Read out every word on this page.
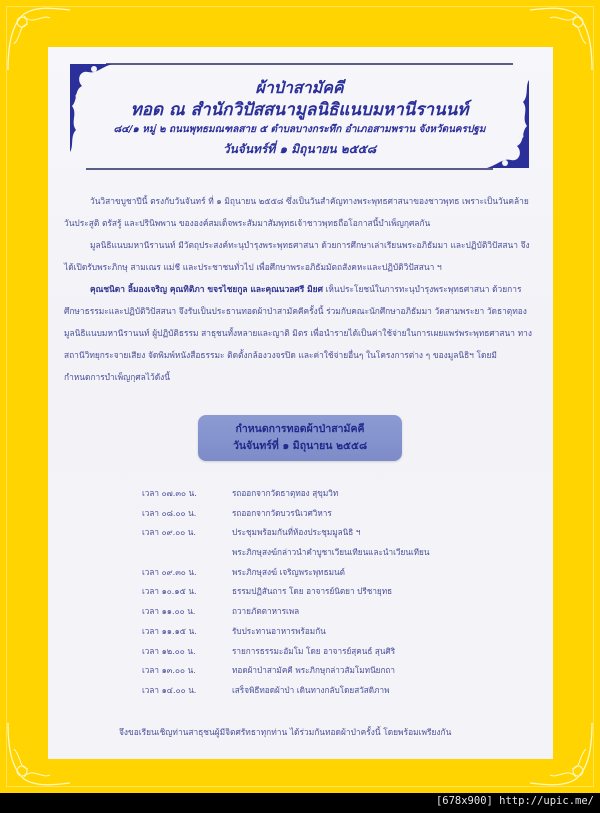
ผ้าป่าสามัคคี
ทอด ณ สำนักวิปัสสนามูลนิธิแนบมหานีรานนท์
๘๔/๑ หมู่ ๒ ถนนพุทธมณฑลสาย ๕ ตำบลบางกระทึก อำเภอสามพราน จังหวัดนครปฐม
วันจันทร์ที่ ๑ มิถุนายน ๒๕๕๘

วันวิสาขบูชาปีนี้ ตรงกับวันจันทร์ ที่ ๑ มิถุนายน ๒๕๕๘ ซึ่งเป็นวันสำคัญทางพระพุทธศาสนาของชาวพุทธ เพราะเป็นวันคล้ายวันประสูติ ตรัสรู้ และปรินิพพาน ขององค์สมเด็จพระสัมมาสัมพุทธเจ้าชาวพุทธถือโอกาสนี้บำเพ็ญกุศลกัน

มูลนิธิแนบมหานีรานนท์ มีวัตถุประสงค์ทะนุบำรุงพระพุทธศาสนา ด้วยการศึกษาเล่าเรียนพระอภิธัมมา และปฏิบัติวิปัสสนา จึงได้เปิดรับพระภิกษุ สามเณร แม่ชี และประชาชนทั่วไป เพื่อศึกษาพระอภิธัมมัตถสังคหะและปฏิบัติวิปัสสนา ฯ

คุณชนิดา ลิ้มองเจริญ คุณทิติภา ขจรไชยกูล และคุณนวลศรี มิยศ เห็นประโยชน์ในการทะนุบำรุงพระพุทธศาสนา ด้วยการศึกษาธรรมะและปฏิบัติวิปัสสนา จึงรับเป็นประธานทอดผ้าป่าสามัคคีครั้งนี้ ร่วมกับคณะนักศึกษาอภิธัมมา วัดสามพระยา วัดธาตุทอง มูลนิธิแนบมหานีรานนท์ ผู้ปฏิบัติธรรม สาธุชนทั้งหลายและญาติ มิตร เพื่อนำรายได้เป็นค่าใช้จ่ายในการเผยแพร่พระพุทธศาสนา ทางสถานีวิทยุกระจายเสียง จัดพิมพ์หนังสือธรรมะ ติดตั้งกล้องวงจรปิด และค่าใช้จ่ายอื่นๆ ในโครงการต่าง ๆ ของมูลนิธิฯ โดยมีกำหนดการบำเพ็ญกุศลไว้ดังนี้

กำหนดการทอดผ้าป่าสามัคคี
วันจันทร์ที่ ๑ มิถุนายน ๒๕๕๘
เวลา ๐๗.๓๐ น.	รถออกจากวัดธาตุทอง สุขุมวิท
เวลา ๐๘.๐๐ น.	รถออกจากวัดบวรนิเวศวิหาร
เวลา ๐๙.๐๐ น.	ประชุมพร้อมกันที่ห้องประชุมมูลนิธิ ฯ
พระภิกษุสงฆ์กล่าวนำคำบูชาเวียนเทียนและนำเวียนเทียน
เวลา ๐๙.๓๐ น.	พระภิกษุสงฆ์ เจริญพระพุทธมนต์
เวลา ๑๐.๑๕ น.	ธรรมปฏิสันถาร โดย อาจารย์นิตยา ปรีชายุทธ
เวลา ๑๑.๐๐ น.	ถวายภัตตาหารเพล
เวลา ๑๑.๑๕ น.	รับประทานอาหารพร้อมกัน
เวลา ๑๒.๐๐ น.	รายการธรรมะอัมโม โดย อาจารย์สุคนธ์ สุนศิริ
เวลา ๑๓.๐๐ น.	ทอดผ้าป่าสามัคคี พระภิกษุกล่าวสัมโมทนียกถา
เวลา ๑๔.๐๐ น.	เสร็จพิธีทอดผ้าป่า เดินทางกลับโดยสวัสดิภาพ
จึงขอเรียนเชิญท่านสาธุชนผู้มีจิตศรัทธาทุกท่าน ได้ร่วมกันทอดผ้าป่าครั้งนี้ โดยพร้อมเพรียงกัน
[678x900] http://upic.me/
